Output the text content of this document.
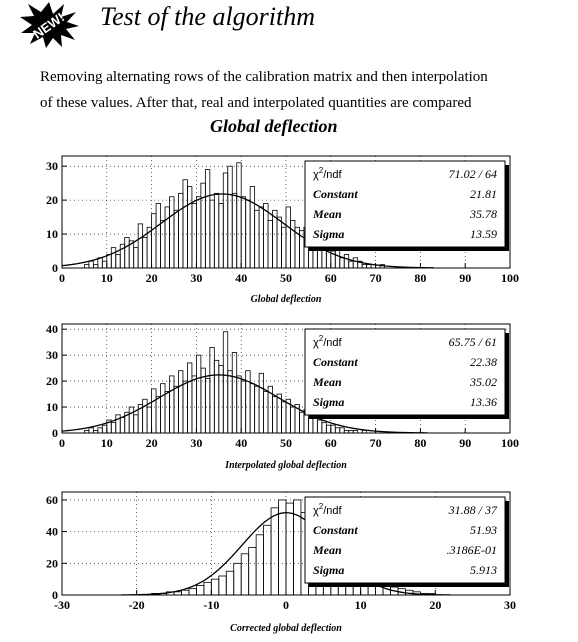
NEW! Test of the algorithm

Removing alternating rows of the calibration matrix and then interpolation
of these values. After that, real and interpolated quantities are compared

Global deflection
0	10	20	30	40	50	60	70	80	90 100
0
10
20
30
$\chi^2$/ndf	71.02 / 64
Constant	21.81
Mean	35.78
Sigma	13.59
Global deflection
0	10	20	30	40	50	60	70	80	90 100
0
10
20
30
40
$\chi^2$/ndf	65.75 / 61
Constant	22.38
Mean	35.02
Sigma	13.36
Interpolated global deflection
-30	-20	-10	0	10	20	30
0
20
40
60
$\chi^2$/ndf	31.88 / 37
Constant	51.93
Mean	.3186E-01
Sigma	5.913
Corrected global deflection
